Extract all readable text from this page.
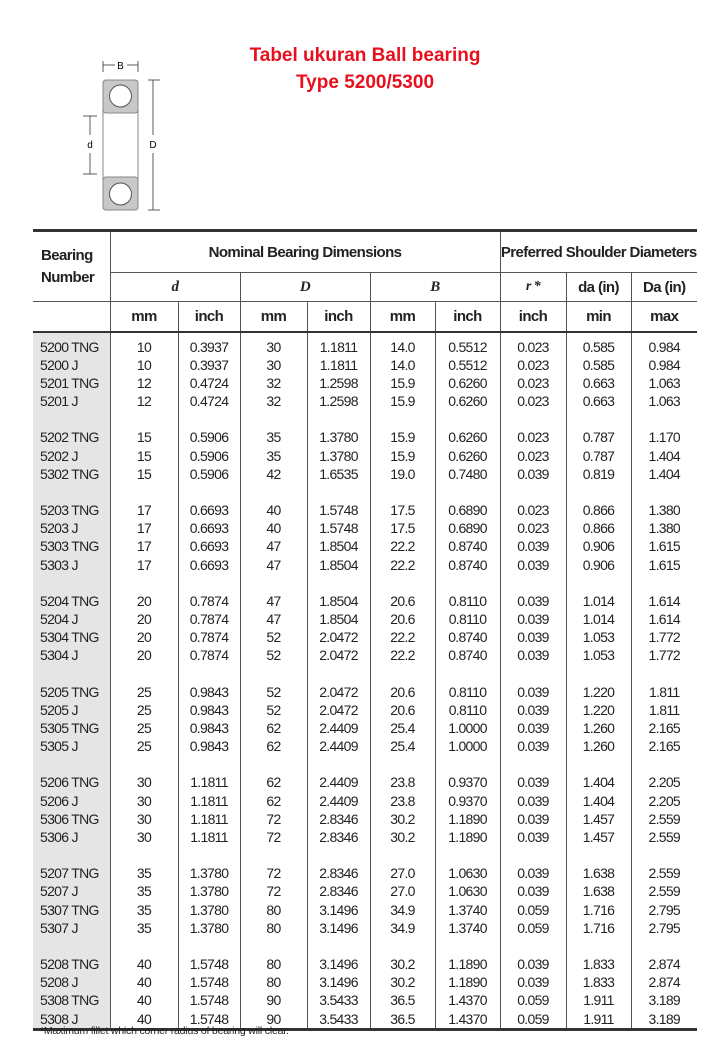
Tabel ukuran Ball bearing
Type 5200/5300
B
d	D
Bearing Number	Nominal Bearing Dimensions						Preferred Shoulder Diameters		
	d		D		B		r *	da (in)	Da (in)
	mm	inch	mm	inch	mm	inch	inch	min	max

5200 TNG	10	0.3937	30	1.1811	14.0	0.5512	0.023	0.585	0.984
5200 J	10	0.3937	30	1.1811	14.0	0.5512	0.023	0.585	0.984
5201 TNG	12	0.4724	32	1.2598	15.9	0.6260	0.023	0.663	1.063
5201 J	12	0.4724	32	1.2598	15.9	0.6260	0.023	0.663	1.063

5202 TNG	15	0.5906	35	1.3780	15.9	0.6260	0.023	0.787	1.170
5202 J	15	0.5906	35	1.3780	15.9	0.6260	0.023	0.787	1.404
5302 TNG	15	0.5906	42	1.6535	19.0	0.7480	0.039	0.819	1.404

5203 TNG	17	0.6693	40	1.5748	17.5	0.6890	0.023	0.866	1.380
5203 J	17	0.6693	40	1.5748	17.5	0.6890	0.023	0.866	1.380
5303 TNG	17	0.6693	47	1.8504	22.2	0.8740	0.039	0.906	1.615
5303 J	17	0.6693	47	1.8504	22.2	0.8740	0.039	0.906	1.615

5204 TNG	20	0.7874	47	1.8504	20.6	0.8110	0.039	1.014	1.614
5204 J	20	0.7874	47	1.8504	20.6	0.8110	0.039	1.014	1.614
5304 TNG	20	0.7874	52	2.0472	22.2	0.8740	0.039	1.053	1.772
5304 J	20	0.7874	52	2.0472	22.2	0.8740	0.039	1.053	1.772

5205 TNG	25	0.9843	52	2.0472	20.6	0.8110	0.039	1.220	1.811
5205 J	25	0.9843	52	2.0472	20.6	0.8110	0.039	1.220	1.811
5305 TNG	25	0.9843	62	2.4409	25.4	1.0000	0.039	1.260	2.165
5305 J	25	0.9843	62	2.4409	25.4	1.0000	0.039	1.260	2.165

5206 TNG	30	1.1811	62	2.4409	23.8	0.9370	0.039	1.404	2.205
5206 J	30	1.1811	62	2.4409	23.8	0.9370	0.039	1.404	2.205
5306 TNG	30	1.1811	72	2.8346	30.2	1.1890	0.039	1.457	2.559
5306 J	30	1.1811	72	2.8346	30.2	1.1890	0.039	1.457	2.559

5207 TNG	35	1.3780	72	2.8346	27.0	1.0630	0.039	1.638	2.559
5207 J	35	1.3780	72	2.8346	27.0	1.0630	0.039	1.638	2.559
5307 TNG	35	1.3780	80	3.1496	34.9	1.3740	0.059	1.716	2.795
5307 J	35	1.3780	80	3.1496	34.9	1.3740	0.059	1.716	2.795

5208 TNG	40	1.5748	80	3.1496	30.2	1.1890	0.039	1.833	2.874
5208 J	40	1.5748	80	3.1496	30.2	1.1890	0.039	1.833	2.874
5308 TNG	40	1.5748	90	3.5433	36.5	1.4370	0.059	1.911	3.189
5308 J	40	1.5748	90	3.5433	36.5	1.4370	0.059	1.911	3.189
*Maximum fillet which corner radius of bearing will clear.
